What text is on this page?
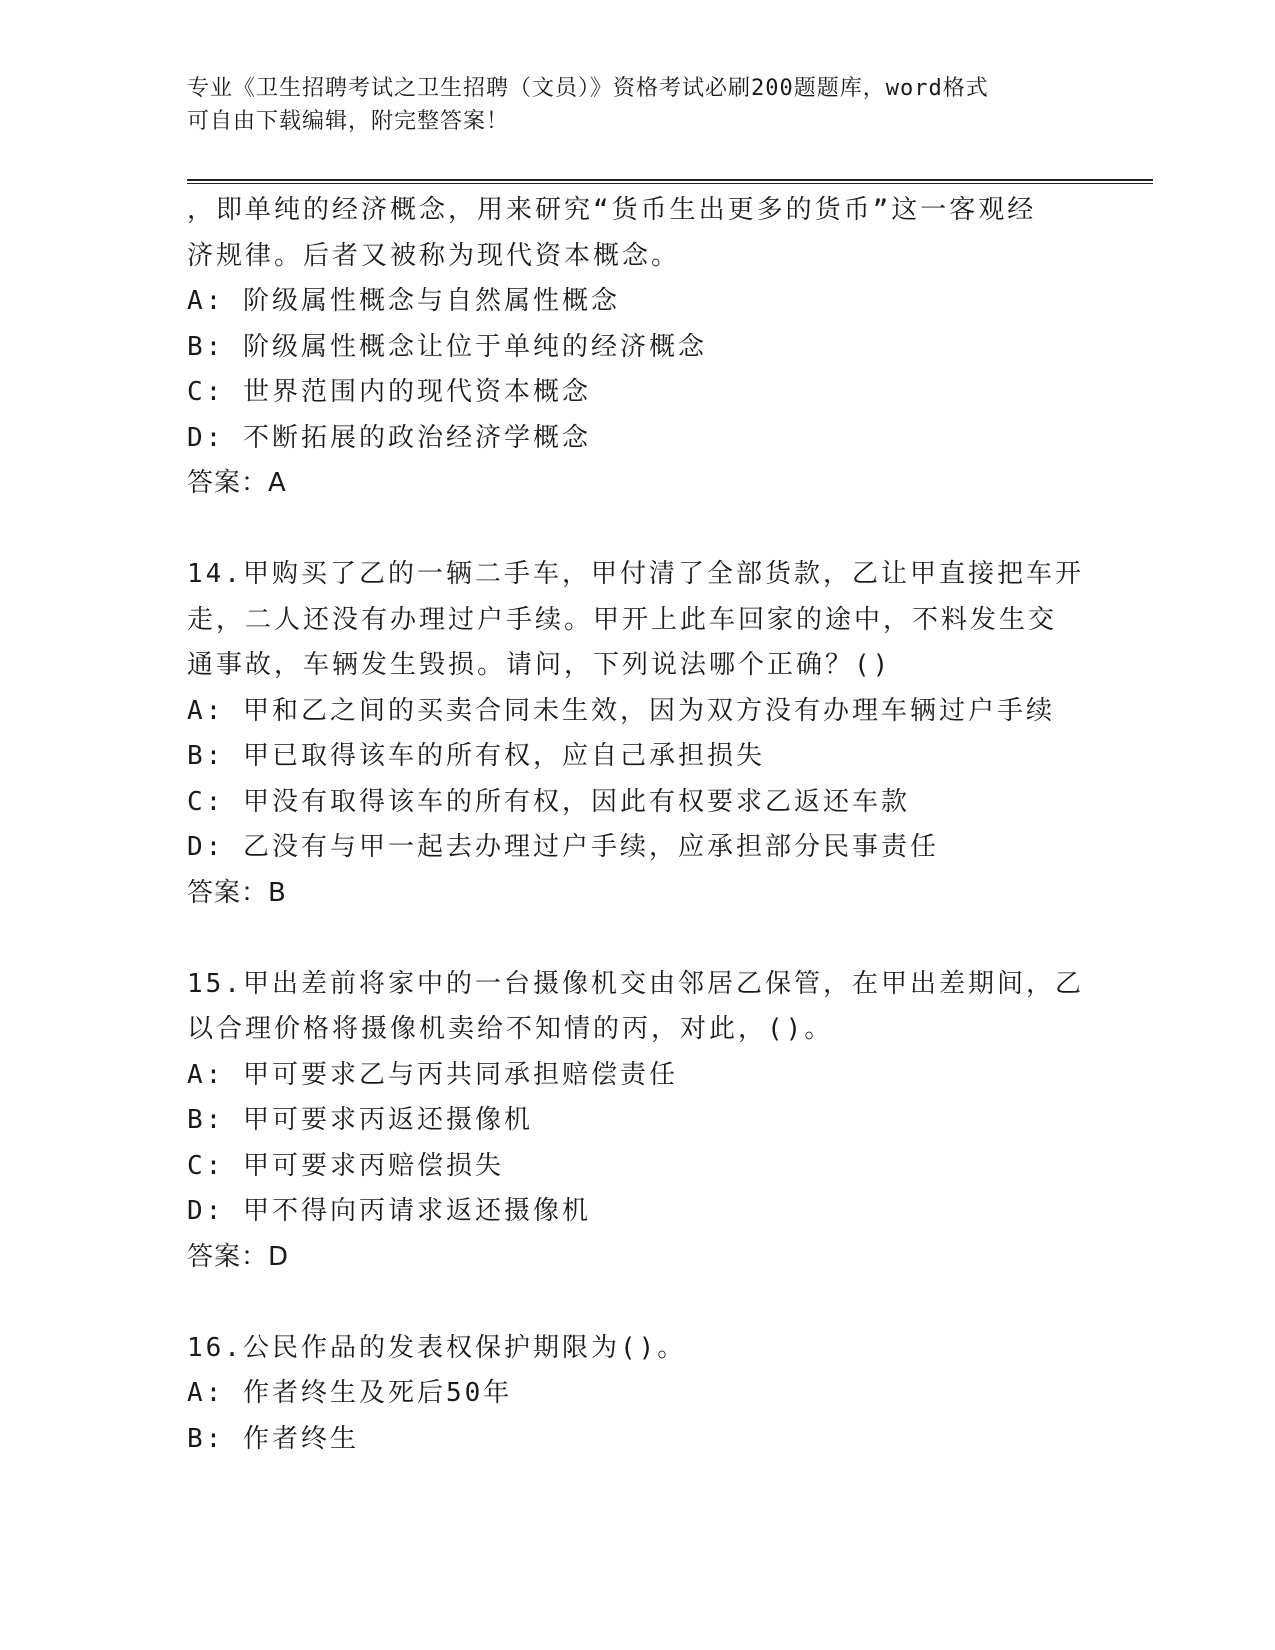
专业《卫生招聘考试之卫生招聘（文员）》资格考试必刷200题题库，word格式
可自由下载编辑，附完整答案！
，即单纯的经济概念，用来研究“货币生出更多的货币”这一客观经
济规律。后者又被称为现代资本概念。
A: 阶级属性概念与自然属性概念
B: 阶级属性概念让位于单纯的经济概念
C: 世界范围内的现代资本概念
D: 不断拓展的政治经济学概念
答案：A
14.甲购买了乙的一辆二手车，甲付清了全部货款，乙让甲直接把车开
走，二人还没有办理过户手续。甲开上此车回家的途中，不料发生交
通事故，车辆发生毁损。请问，下列说法哪个正确？()
A: 甲和乙之间的买卖合同未生效，因为双方没有办理车辆过户手续
B: 甲已取得该车的所有权，应自己承担损失
C: 甲没有取得该车的所有权，因此有权要求乙返还车款
D: 乙没有与甲一起去办理过户手续，应承担部分民事责任
答案：B
15.甲出差前将家中的一台摄像机交由邻居乙保管，在甲出差期间，乙
以合理价格将摄像机卖给不知情的丙，对此，()。
A: 甲可要求乙与丙共同承担赔偿责任
B: 甲可要求丙返还摄像机
C: 甲可要求丙赔偿损失
D: 甲不得向丙请求返还摄像机
答案：D
16.公民作品的发表权保护期限为()。
A: 作者终生及死后50年
B: 作者终生
